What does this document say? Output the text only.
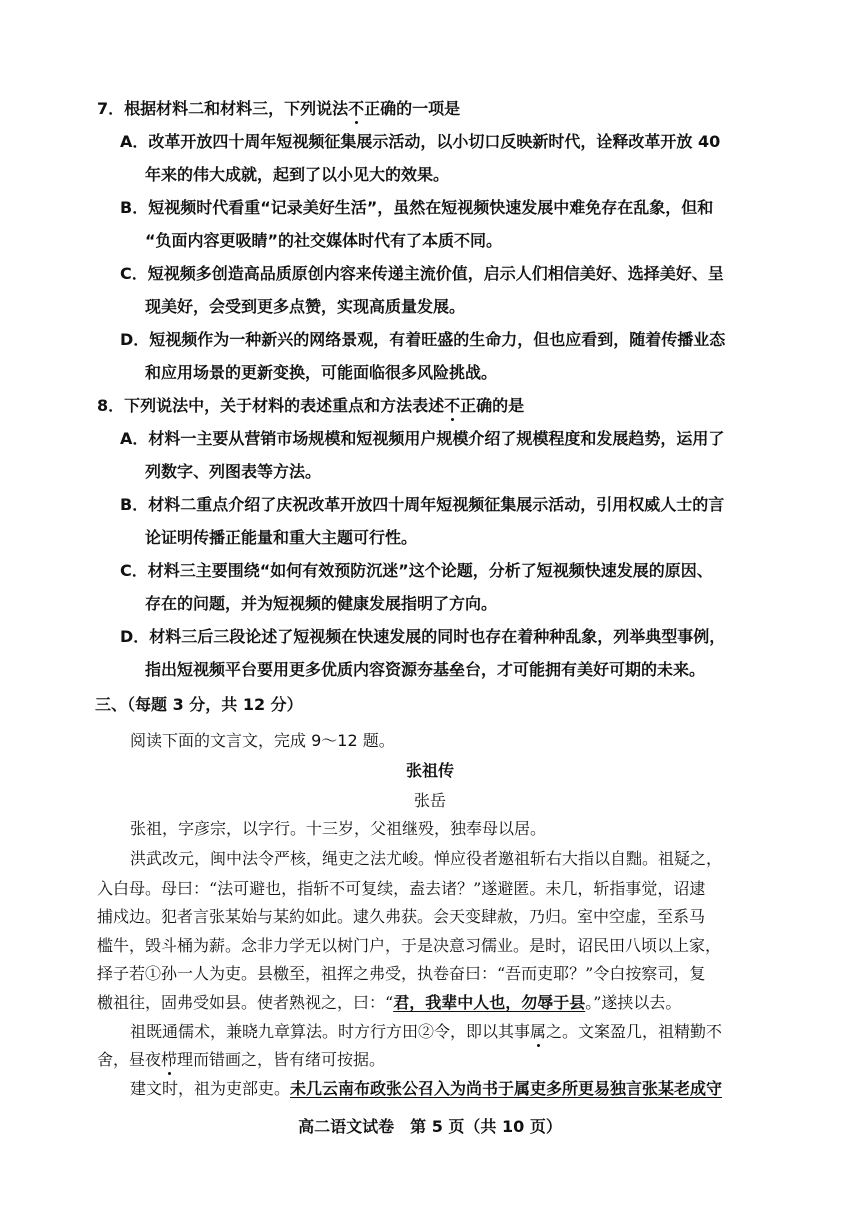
7．根据材料二和材料三，下列说法不
正确的一项是
A．改革开放四十周年短视频征集展示活动，以小切口反映新时代，诠释改革开放 40
年来的伟大成就，起到了以小见大的效果。
B．短视频时代看重“记录美好生活”，虽然在短视频快速发展中难免存在乱象，但和
“负面内容更吸睛”的社交媒体时代有了本质不同。
C．短视频多创造高品质原创内容来传递主流价值，启示人们相信美好、选择美好、呈
现美好，会受到更多点赞，实现高质量发展。
D．短视频作为一种新兴的网络景观，有着旺盛的生命力，但也应看到，随着传播业态
和应用场景的更新变换，可能面临很多风险挑战。
8．下列说法中，关于材料的表述重点和方法表述不
正确的是
A．材料一主要从营销市场规模和短视频用户规模介绍了规模程度和发展趋势，运用了
列数字、列图表等方法。
B．材料二重点介绍了庆祝改革开放四十周年短视频征集展示活动，引用权威人士的言
论证明传播正能量和重大主题可行性。
C．材料三主要围绕“如何有效预防沉迷”这个论题，分析了短视频快速发展的原因、
存在的问题，并为短视频的健康发展指明了方向。
D．材料三后三段论述了短视频在快速发展的同时也存在着种种乱象，列举典型事例，
指出短视频平台要用更多优质内容资源夯基垒台，才可能拥有美好可期的未来。
三、（每题 3 分，共 12 分）
阅读下面的文言文，完成 9～12 题。
张祖传
张岳
张祖，字彦宗，以字行。十三岁，父祖继殁，独奉母以居。
洪武改元，闽中法令严核，绳吏之法尤峻。惮应役者邀祖斩右大指以自黜。祖疑之，
入白母。母曰：“法可避也，指斩不可复续，盍去诸？”遂避匿。未几，斩指事觉，诏逮
捕戍边。犯者言张某始与某約如此。逮久弗获。会天变肆赦，乃归。室中空虚，至系马
槛牛，毁斗桶为薪。念非力学无以树门户，于是决意习儒业。是时，诏民田八顷以上家，
择子若①孙一人为吏。县檄至，祖挥之弗受，执卷奋曰：“吾而吏耶？”令白按察司，复
檄祖往，固弗受如县。使者熟视之，曰：“君，我辈中人也，勿辱于县。”遂挟以去。
祖既通儒术，兼晓九章算法。时方行方田②令，即以其事属
之。文案盈几，祖精勤不
舍，昼夜栉
理而错画之，皆有绪可按据。
建文时，祖为吏部吏。未几云南布政张公召入为尚书于属吏多所更易独言张某老成守
高二语文试卷　第 5 页（共 10 页）
